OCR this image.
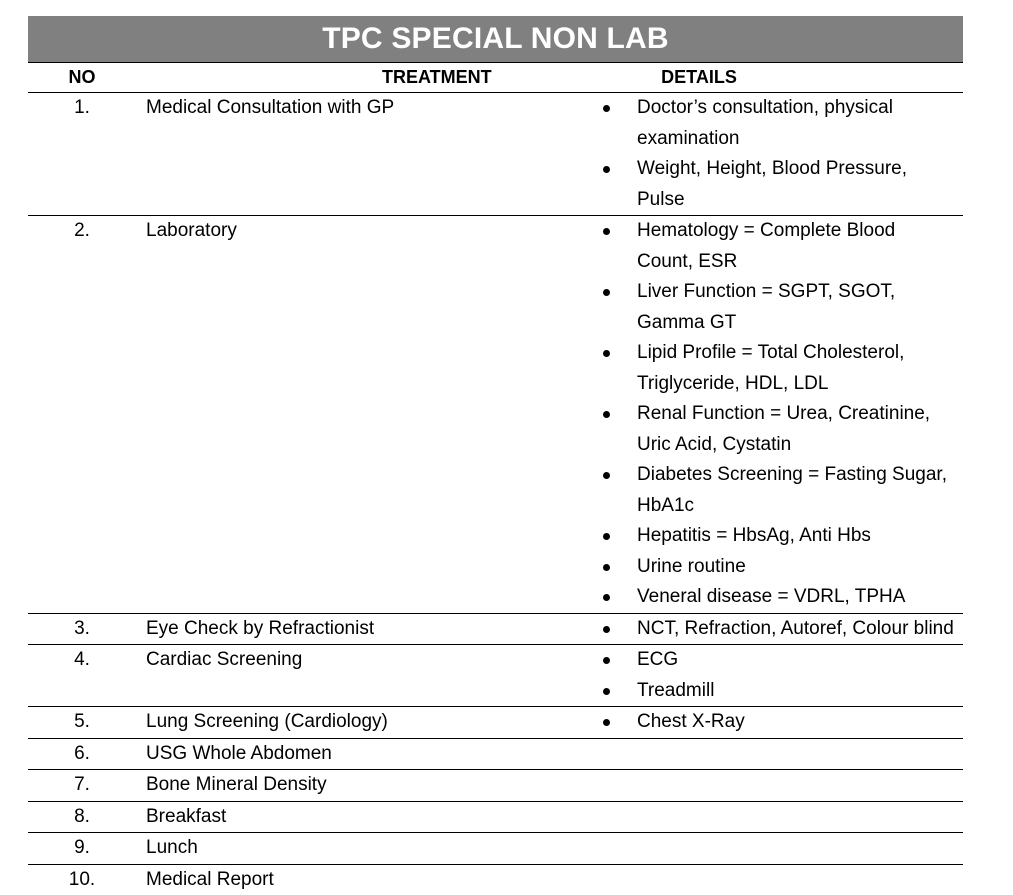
TPC SPECIAL NON LAB
NO	TREATMENT	DETAILS
1.	Medical Consultation with GP	Doctor’s consultation, physical examination
Weight, Height, Blood Pressure, Pulse
2.	Laboratory	Hematology = Complete Blood Count, ESR
Liver Function = SGPT, SGOT, Gamma GT
Lipid Profile = Total Cholesterol, Triglyceride, HDL, LDL
Renal Function = Urea, Creatinine, Uric Acid, Cystatin
Diabetes Screening = Fasting Sugar, HbA1c
Hepatitis = HbsAg, Anti Hbs
Urine routine
Veneral disease = VDRL, TPHA
3.	Eye Check by Refractionist	NCT, Refraction, Autoref, Colour blind
4.	Cardiac Screening	ECG
Treadmill
5.	Lung Screening (Cardiology)	Chest X-Ray
6.	USG Whole Abdomen
7.	Bone Mineral Density
8.	Breakfast
9.	Lunch
10.	Medical Report
